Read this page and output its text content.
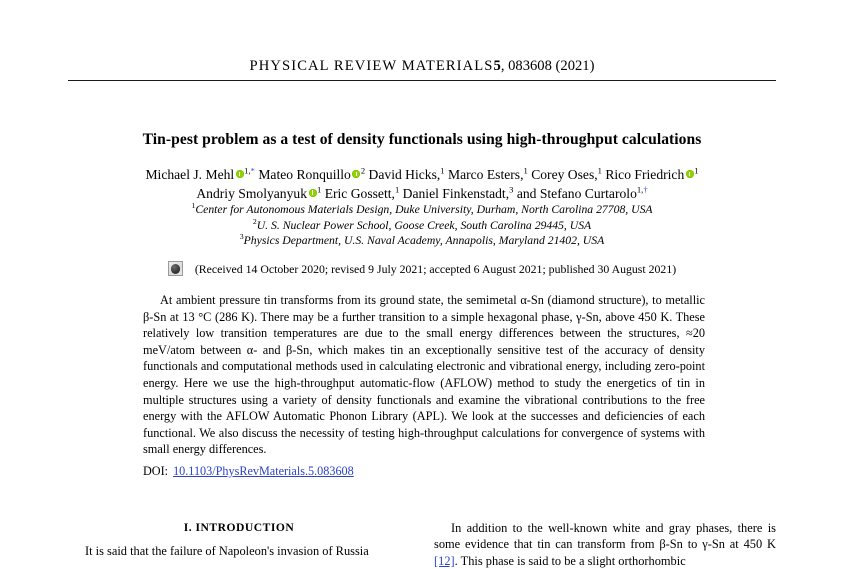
PHYSICAL REVIEW MATERIALS5, 083608 (2021)
Tin-pest problem as a test of density functionals using high-throughput calculations
Michael J. Mehl $^{1,*}$ Mateo Ronquillo $^2$ David Hicks,$^1$ Marco Esters,$^1$ Corey Oses,$^1$ Rico Friedrich $^1$
Andriy Smolyanyuk $^1$ Eric Gossett,$^1$ Daniel Finkenstadt,$^3$ and Stefano Curtarolo$^{1,\dagger}$
$^1$Center for Autonomous Materials Design, Duke University, Durham, North Carolina 27708, USA
$^2$U. S. Nuclear Power School, Goose Creek, South Carolina 29445, USA
$^3$Physics Department, U.S. Naval Academy, Annapolis, Maryland 21402, USA
(Received 14 October 2020; revised 9 July 2021; accepted 6 August 2021; published 30 August 2021)
At ambient pressure tin transforms from its ground state, the semimetal α-Sn (diamond structure), to metallic β-Sn at 13 °C (286 K). There may be a further transition to a simple hexagonal phase, γ-Sn, above 450 K. These relatively low transition temperatures are due to the small energy differences between the structures, ≈20 meV/atom between α- and β-Sn, which makes tin an exceptionally sensitive test of the accuracy of density functionals and computational methods used in calculating electronic and vibrational energy, including zero-point energy. Here we use the high-throughput automatic-flow (AFLOW) method to study the energetics of tin in multiple structures using a variety of density functionals and examine the vibrational contributions to the free energy with the AFLOW Automatic Phonon Library (APL). We look at the successes and deficiencies of each functional. We also discuss the necessity of testing high-throughput calculations for convergence of systems with small energy differences.
DOI: 10.1103/PhysRevMaterials.5.083608
I. INTRODUCTION

It is said that the failure of Napoleon's invasion of Russia

In addition to the well-known white and gray phases, there is some evidence that tin can transform from β-Sn to γ-Sn at 450 K [12]. This phase is said to be a slight orthorhombic
